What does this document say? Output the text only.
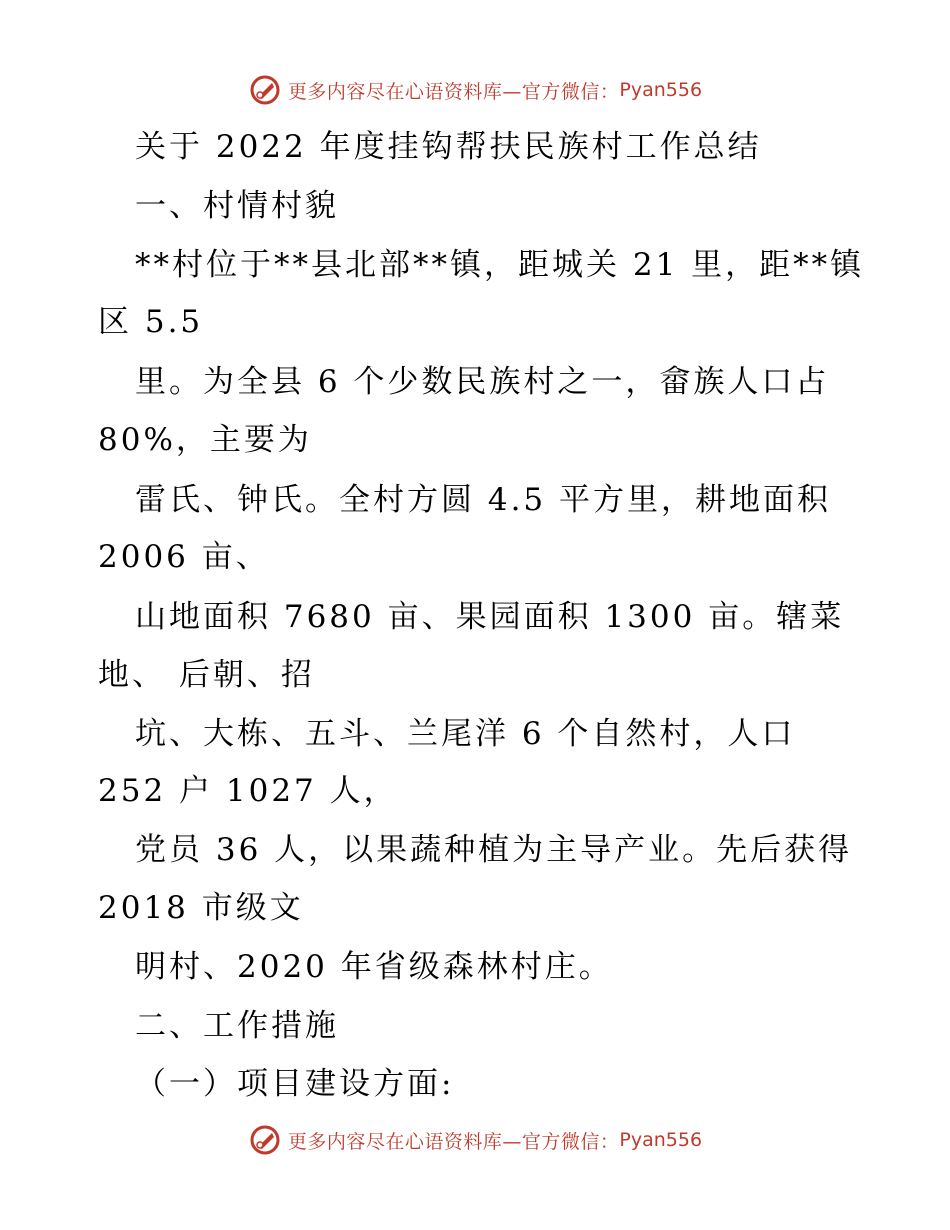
更多内容尽在心语资料库—官方微信： Pyan556
关于 2022 年度挂钩帮扶民族村工作总结
一、村情村貌
**村位于**县北部**镇，距城关 21 里，距**镇
区 5.5
里。为全县 6 个少数民族村之一，畲族人口占
80%，主要为
雷氏、钟氏。全村方圆 4.5 平方里，耕地面积
2006 亩、
山地面积 7680 亩、果园面积 1300 亩。辖菜
地、 后朝、招
坑、大栋、五斗、兰尾洋 6 个自然村，人口
252 户 1027 人，
党员 36 人，以果蔬种植为主导产业。先后获得
2018 市级文
明村、2020 年省级森林村庄。
二、工作措施
（一）项目建设方面:
更多内容尽在心语资料库—官方微信： Pyan556
